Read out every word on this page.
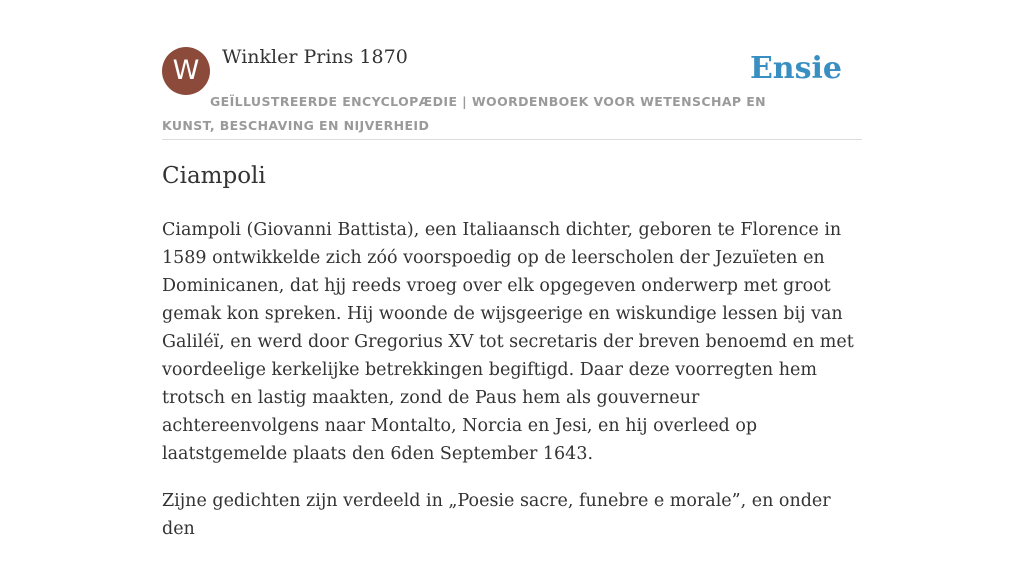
W	Winkler Prins 1870	Ensie
GEÏLLUSTREERDE ENCYCLOPÆDIE | WOORDENBOEK VOOR WETENSCHAP EN KUNST, BESCHAVING EN NIJVERHEID
Ciampoli

Ciampoli (Giovanni Battista), een Italiaansch dichter, geboren te Florence in 1589 ontwikkelde zich zóó voorspoedig op de leerscholen der Jezuïeten en Dominicanen, dat hjj reeds vroeg over elk opgegeven onderwerp met groot gemak kon spreken. Hij woonde de wijsgeerige en wiskundige lessen bij van Galiléï, en werd door Gregorius XV tot secretaris der breven benoemd en met voordeelige kerkelijke betrekkingen begiftigd. Daar deze voorregten hem trotsch en lastig maakten, zond de Paus hem als gouverneur achtereenvolgens naar Montalto, Norcia en Jesi, en hij overleed op laatstgemelde plaats den 6den September 1643.

Zijne gedichten zijn verdeeld in „Poesie sacre, funebre e morale”, en onder den
